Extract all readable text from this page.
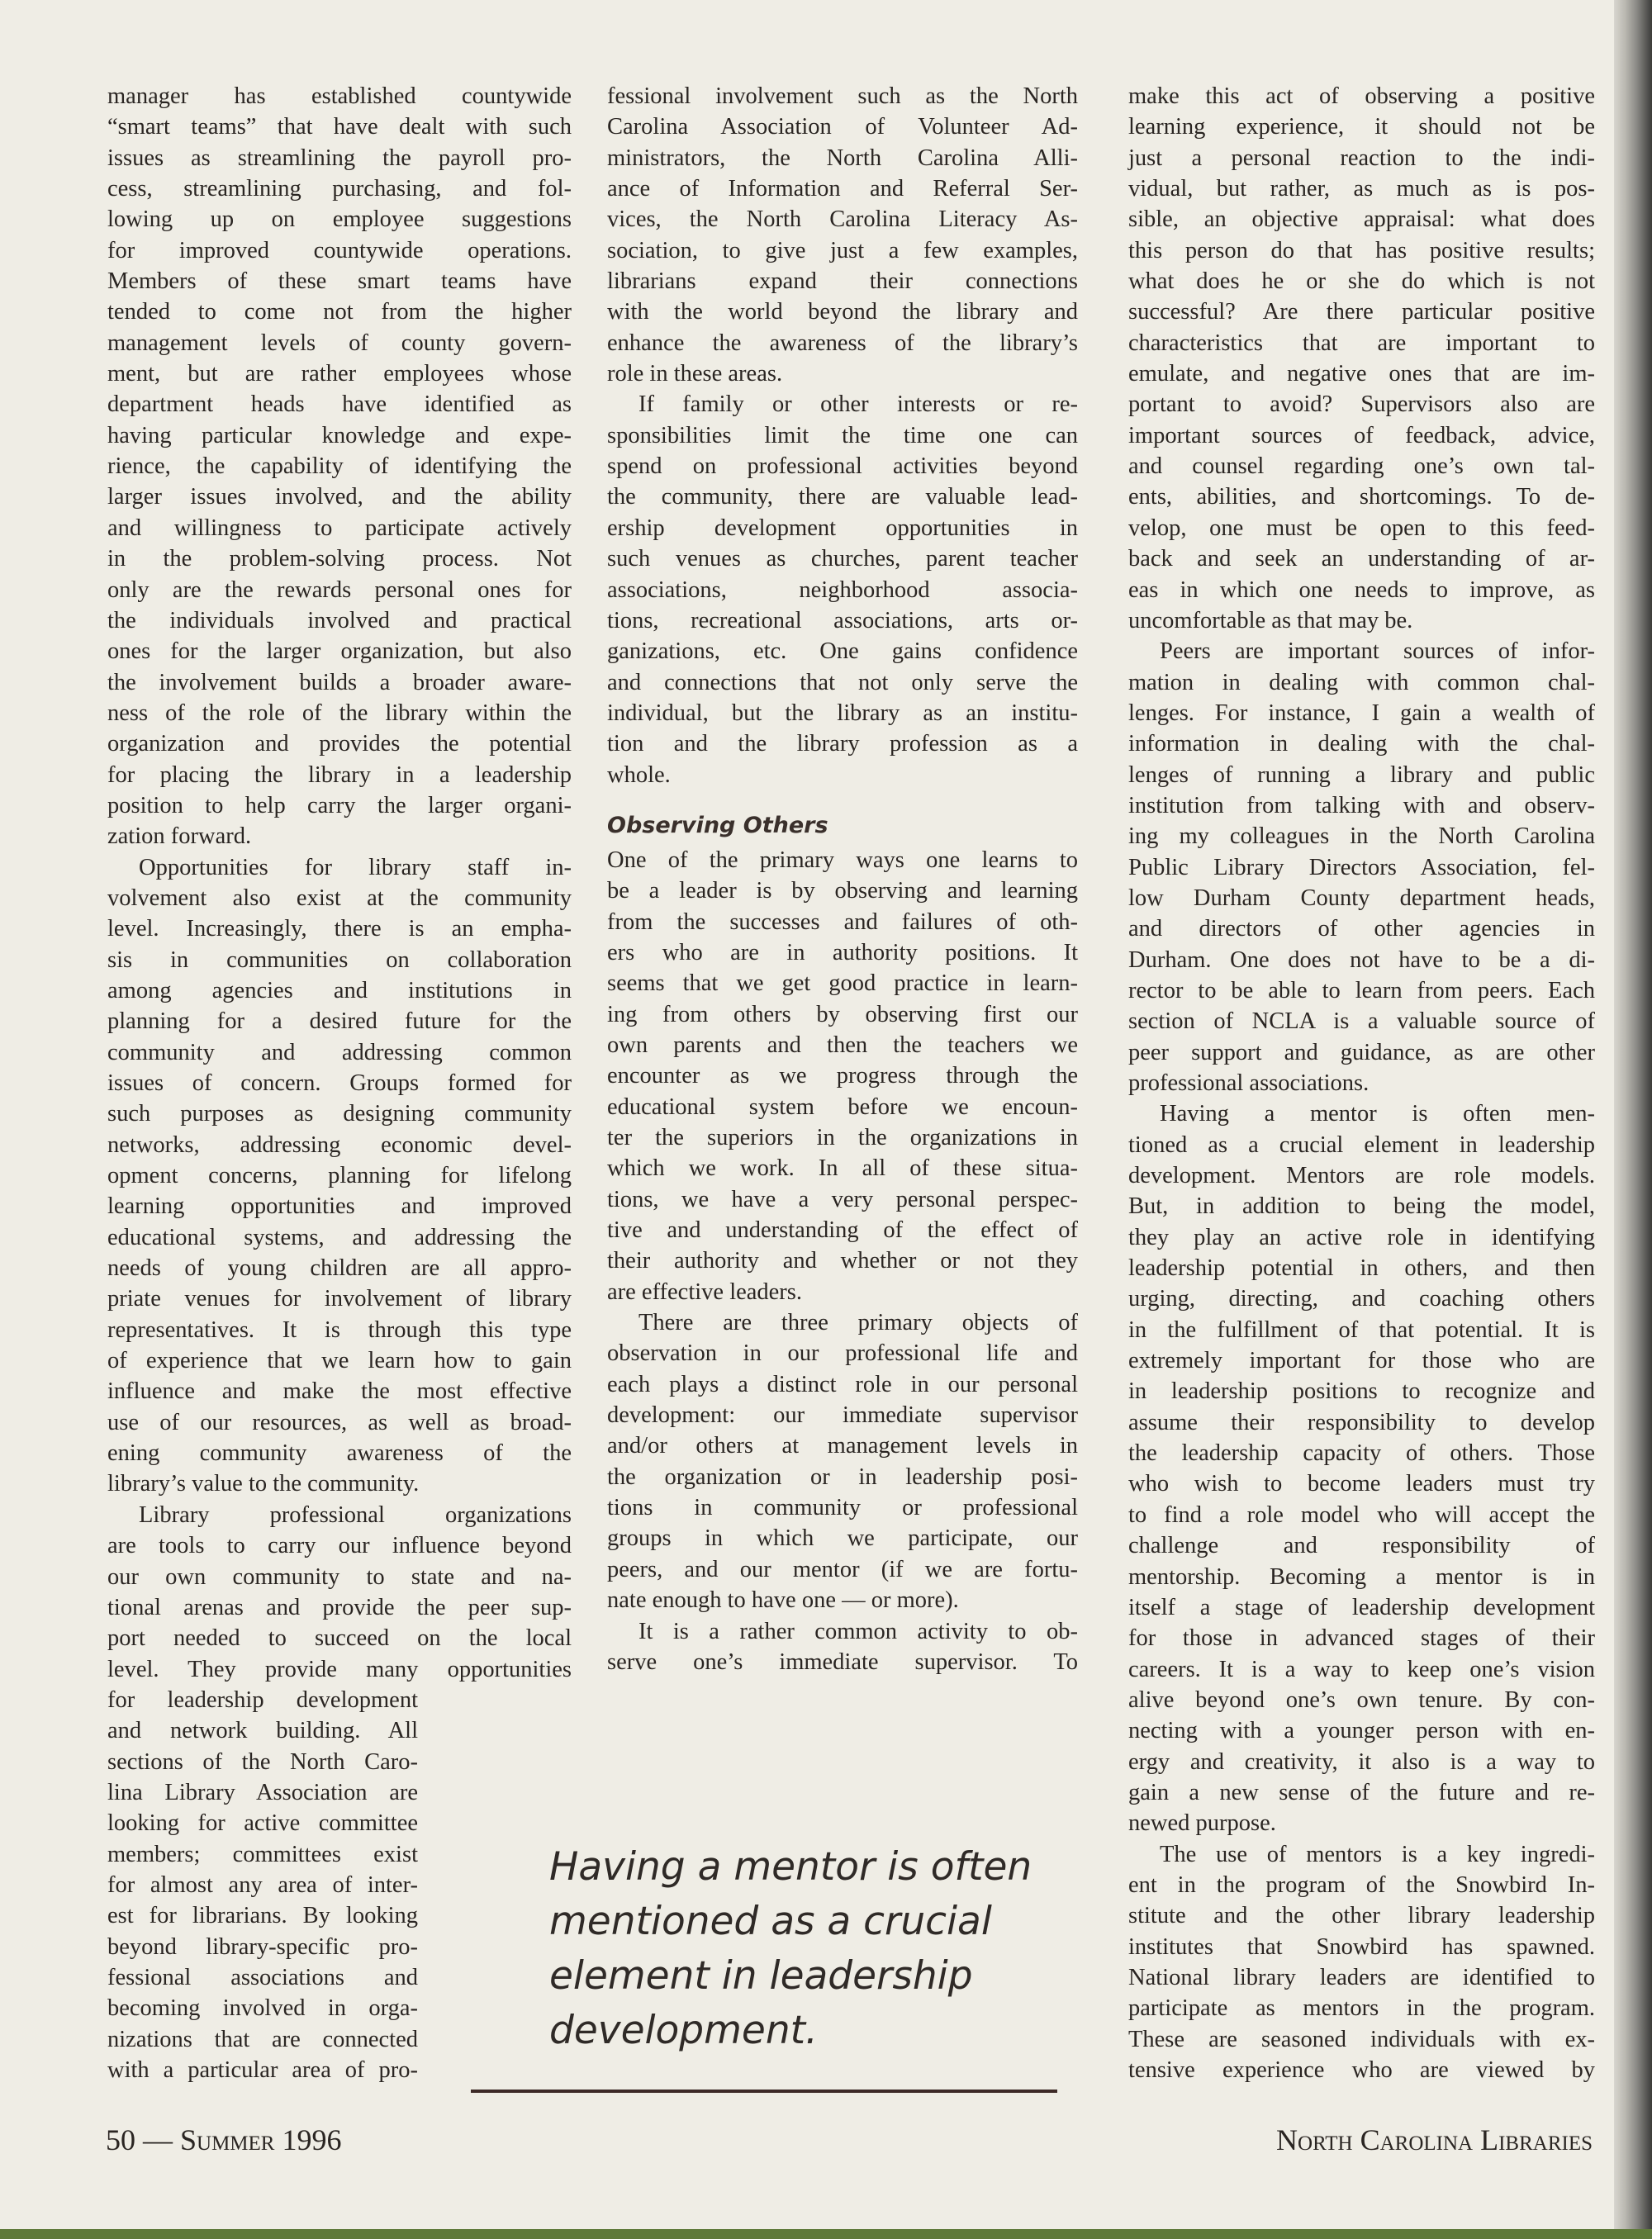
manager has established countywide
“smart teams” that have dealt with such
issues as streamlining the payroll pro-
cess, streamlining purchasing, and fol-
lowing up on employee suggestions
for improved countywide operations.
Members of these smart teams have
tended to come not from the higher
management levels of county govern-
ment, but are rather employees whose
department heads have identified as
having particular knowledge and expe-
rience, the capability of identifying the
larger issues involved, and the ability
and willingness to participate actively
in the problem-solving process. Not
only are the rewards personal ones for
the individuals involved and practical
ones for the larger organization, but also
the involvement builds a broader aware-
ness of the role of the library within the
organization and provides the potential
for placing the library in a leadership
position to help carry the larger organi-
zation forward.
Opportunities for library staff in-
volvement also exist at the community
level. Increasingly, there is an empha-
sis in communities on collaboration
among agencies and institutions in
planning for a desired future for the
community and addressing common
issues of concern. Groups formed for
such purposes as designing community
networks, addressing economic devel-
opment concerns, planning for lifelong
learning opportunities and improved
educational systems, and addressing the
needs of young children are all appro-
priate venues for involvement of library
representatives. It is through this type
of experience that we learn how to gain
influence and make the most effective
use of our resources, as well as broad-
ening community awareness of the
library’s value to the community.
Library professional organizations
are tools to carry our influence beyond
our own community to state and na-
tional arenas and provide the peer sup-
port needed to succeed on the local
level. They provide many opportunities
for leadership development
and network building. All
sections of the North Caro-
lina Library Association are
looking for active committee
members; committees exist
for almost any area of inter-
est for librarians. By looking
beyond library-specific pro-
fessional associations and
becoming involved in orga-
nizations that are connected
with a particular area of pro-
fessional involvement such as the North
Carolina Association of Volunteer Ad-
ministrators, the North Carolina Alli-
ance of Information and Referral Ser-
vices, the North Carolina Literacy As-
sociation, to give just a few examples,
librarians expand their connections
with the world beyond the library and
enhance the awareness of the library’s
role in these areas.
If family or other interests or re-
sponsibilities limit the time one can
spend on professional activities beyond
the community, there are valuable lead-
ership development opportunities in
such venues as churches, parent teacher
associations, neighborhood associa-
tions, recreational associations, arts or-
ganizations, etc. One gains confidence
and connections that not only serve the
individual, but the library as an institu-
tion and the library profession as a
whole.
Observing Others
One of the primary ways one learns to
be a leader is by observing and learning
from the successes and failures of oth-
ers who are in authority positions. It
seems that we get good practice in learn-
ing from others by observing first our
own parents and then the teachers we
encounter as we progress through the
educational system before we encoun-
ter the superiors in the organizations in
which we work. In all of these situa-
tions, we have a very personal perspec-
tive and understanding of the effect of
their authority and whether or not they
are effective leaders.
There are three primary objects of
observation in our professional life and
each plays a distinct role in our personal
development: our immediate supervisor
and/or others at management levels in
the organization or in leadership posi-
tions in community or professional
groups in which we participate, our
peers, and our mentor (if we are fortu-
nate enough to have one — or more).
It is a rather common activity to ob-
serve one’s immediate supervisor. To
make this act of observing a positive
learning experience, it should not be
just a personal reaction to the indi-
vidual, but rather, as much as is pos-
sible, an objective appraisal: what does
this person do that has positive results;
what does he or she do which is not
successful? Are there particular positive
characteristics that are important to
emulate, and negative ones that are im-
portant to avoid? Supervisors also are
important sources of feedback, advice,
and counsel regarding one’s own tal-
ents, abilities, and shortcomings. To de-
velop, one must be open to this feed-
back and seek an understanding of ar-
eas in which one needs to improve, as
uncomfortable as that may be.
Peers are important sources of infor-
mation in dealing with common chal-
lenges. For instance, I gain a wealth of
information in dealing with the chal-
lenges of running a library and public
institution from talking with and observ-
ing my colleagues in the North Carolina
Public Library Directors Association, fel-
low Durham County department heads,
and directors of other agencies in
Durham. One does not have to be a di-
rector to be able to learn from peers. Each
section of NCLA is a valuable source of
peer support and guidance, as are other
professional associations.
Having a mentor is often men-
tioned as a crucial element in leadership
development. Mentors are role models.
But, in addition to being the model,
they play an active role in identifying
leadership potential in others, and then
urging, directing, and coaching others
in the fulfillment of that potential. It is
extremely important for those who are
in leadership positions to recognize and
assume their responsibility to develop
the leadership capacity of others. Those
who wish to become leaders must try
to find a role model who will accept the
challenge and responsibility of
mentorship. Becoming a mentor is in
itself a stage of leadership development
for those in advanced stages of their
careers. It is a way to keep one’s vision
alive beyond one’s own tenure. By con-
necting with a younger person with en-
ergy and creativity, it also is a way to
gain a new sense of the future and re-
newed purpose.
The use of mentors is a key ingredi-
ent in the program of the Snowbird In-
stitute and the other library leadership
institutes that Snowbird has spawned.
National library leaders are identified to
participate as mentors in the program.
These are seasoned individuals with ex-
tensive experience who are viewed by
Having a mentor is often
mentioned as a crucial
element in leadership
development.
50 — Summer 1996	North Carolina Libraries
